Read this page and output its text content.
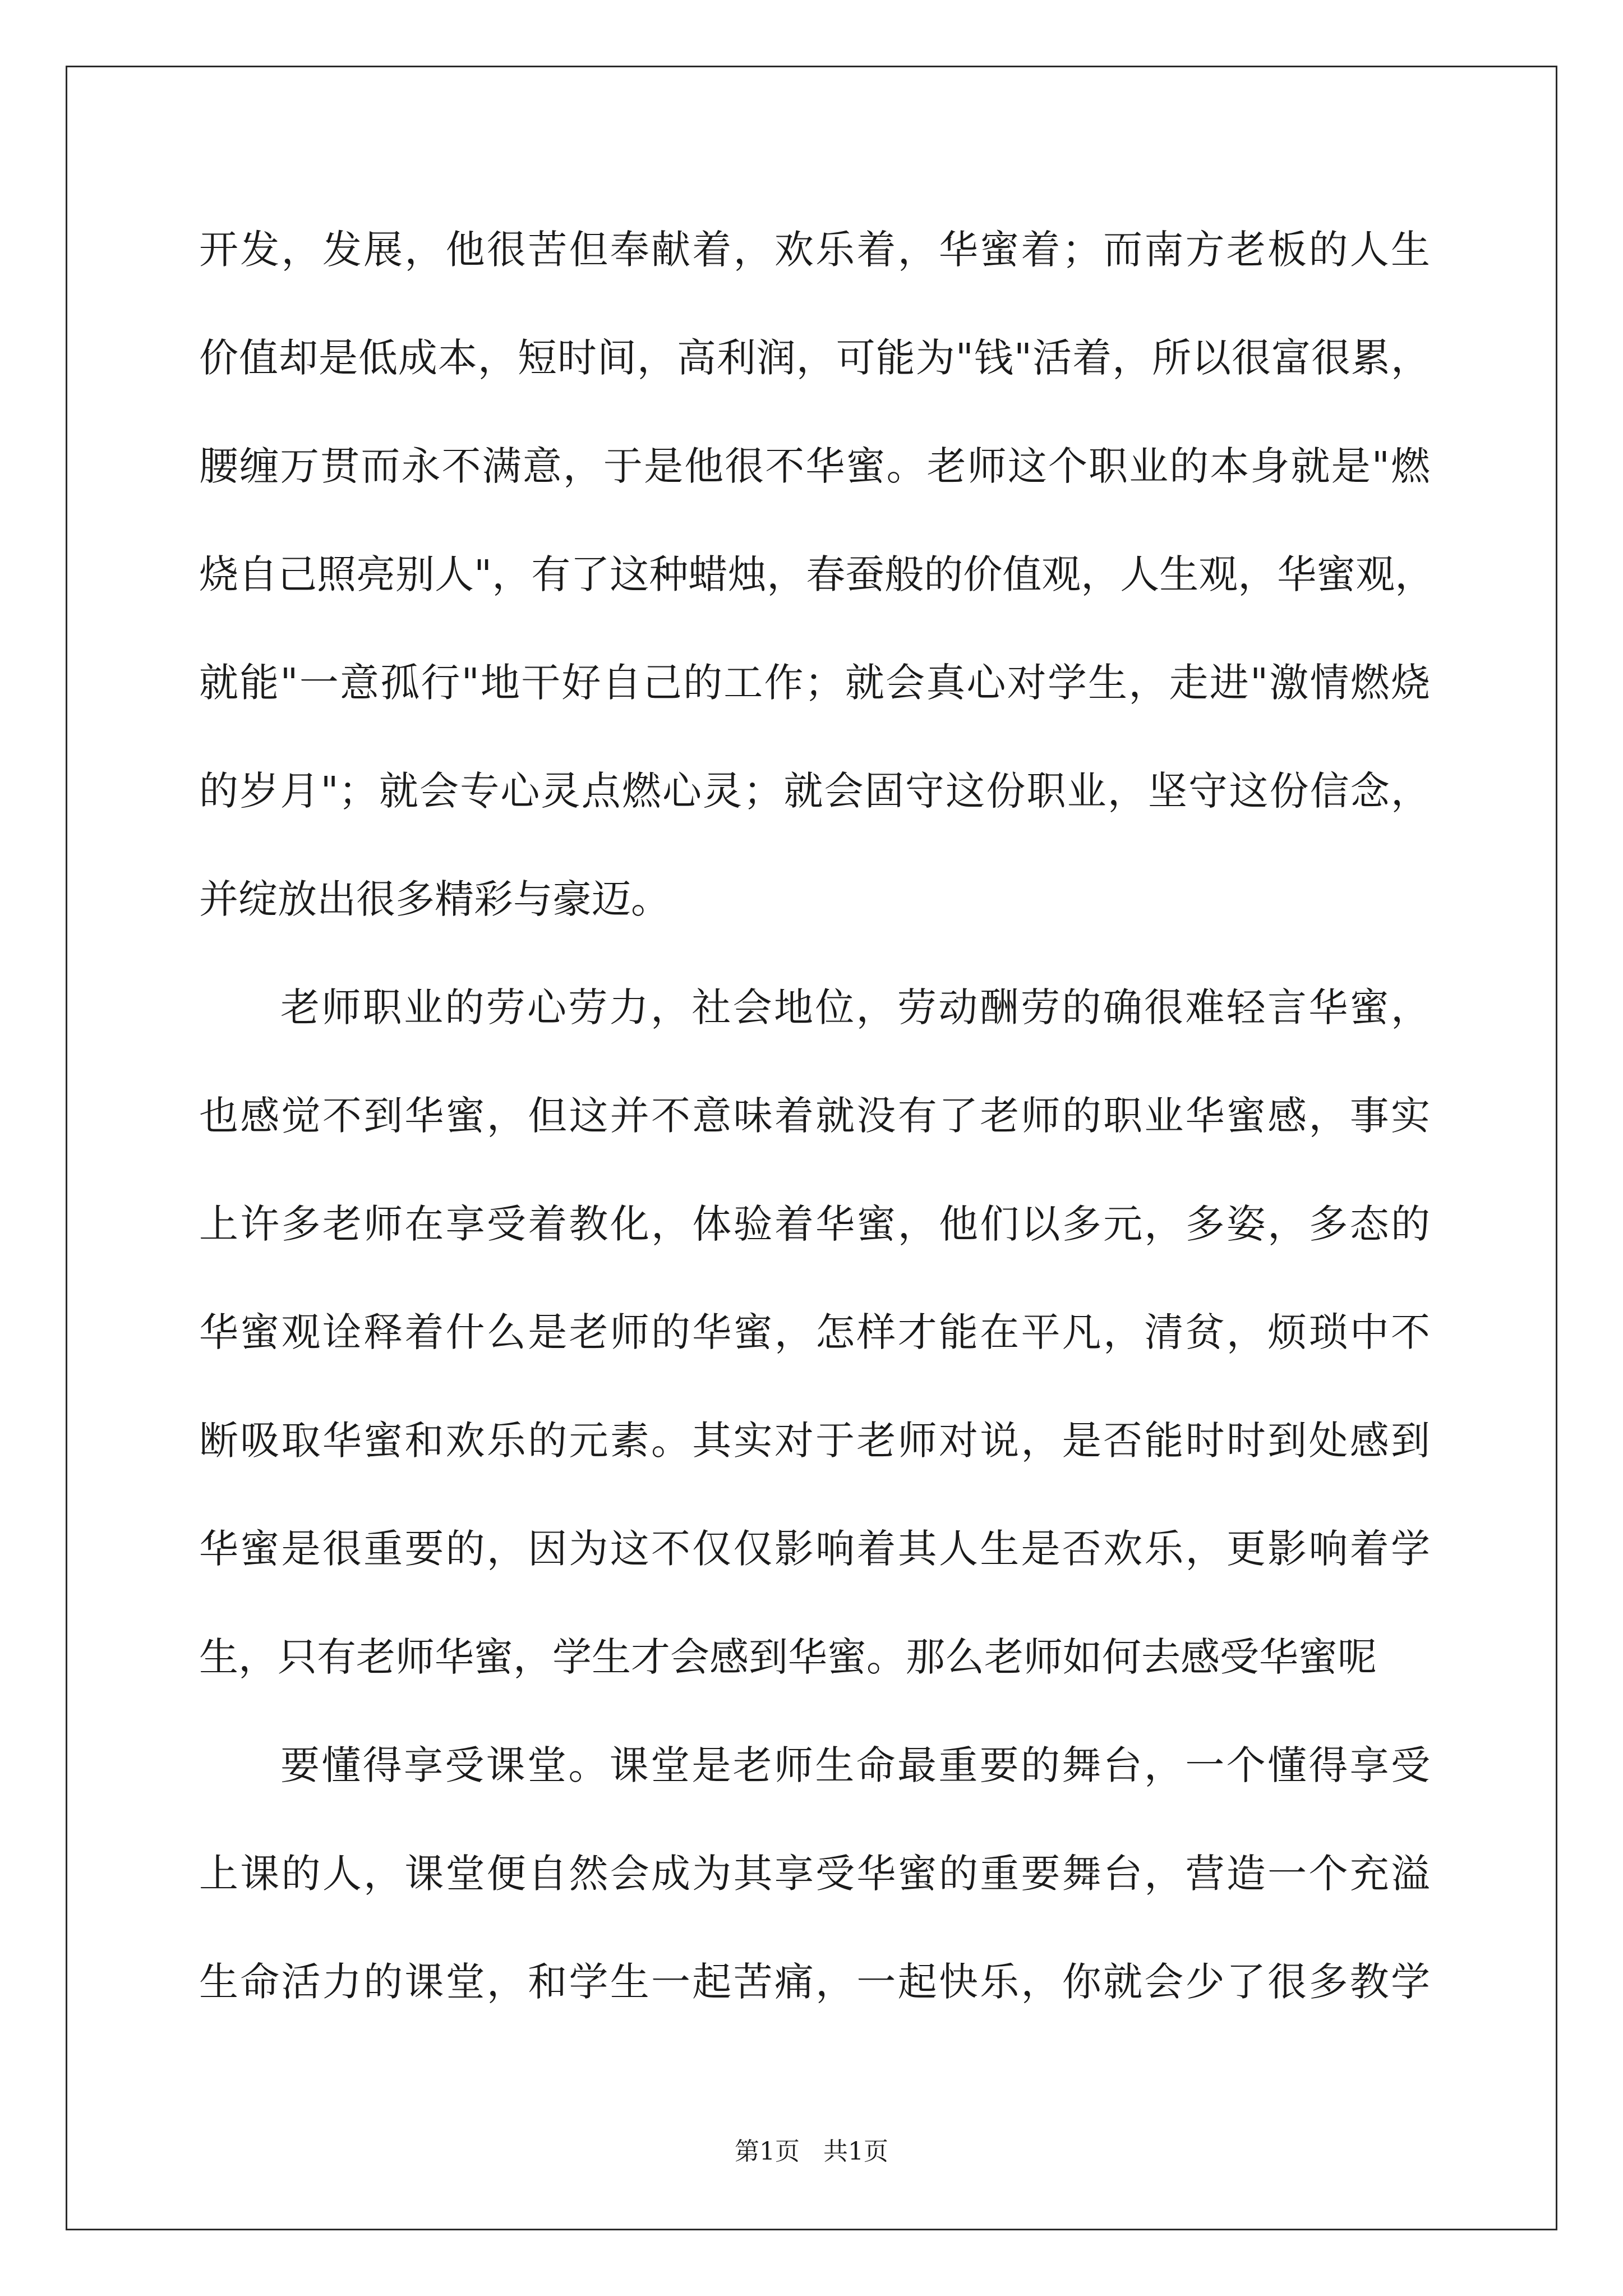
开发，发展，他很苦但奉献着，欢乐着，华蜜着；而南方老板的人生
价值却是低成本，短时间，高利润，可能为"钱"活着，所以很富很累，
腰缠万贯而永不满意，于是他很不华蜜。老师这个职业的本身就是"燃
烧自己照亮别人"，有了这种蜡烛，春蚕般的价值观，人生观，华蜜观，
就能"一意孤行"地干好自己的工作；就会真心对学生，走进"激情燃烧
的岁月"；就会专心灵点燃心灵；就会固守这份职业，坚守这份信念，
并绽放出很多精彩与豪迈。
老师职业的劳心劳力，社会地位，劳动酬劳的确很难轻言华蜜，
也感觉不到华蜜，但这并不意味着就没有了老师的职业华蜜感，事实
上许多老师在享受着教化，体验着华蜜，他们以多元，多姿，多态的
华蜜观诠释着什么是老师的华蜜，怎样才能在平凡，清贫，烦琐中不
断吸取华蜜和欢乐的元素。其实对于老师对说，是否能时时到处感到
华蜜是很重要的，因为这不仅仅影响着其人生是否欢乐，更影响着学
生，只有老师华蜜，学生才会感到华蜜。那么老师如何去感受华蜜呢
要懂得享受课堂。课堂是老师生命最重要的舞台，一个懂得享受
上课的人，课堂便自然会成为其享受华蜜的重要舞台，营造一个充溢
生命活力的课堂，和学生一起苦痛，一起快乐，你就会少了很多教学
第1页   共1页
